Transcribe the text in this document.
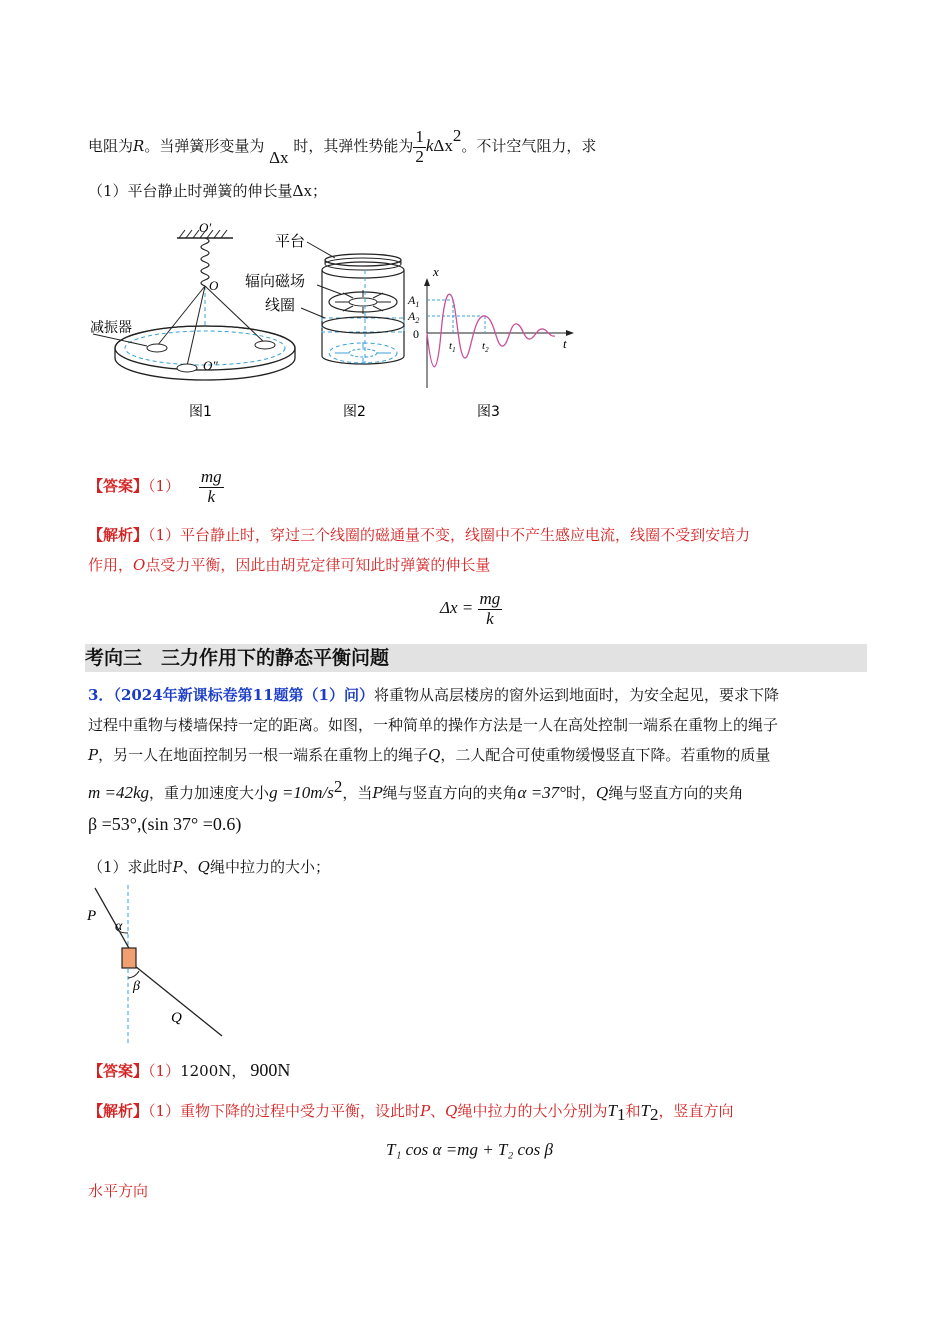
电阻为R。当弹簧形变量为 Δx 时，其弹性势能为 $\frac{1}{2} k\Delta x^2$。不计空气阻力，求
（1）平台静止时弹簧的伸长量Δx；
O′
O
O″
减振器
图1
平台
辐向磁场
线圈
图2
x
$A_1$
$A_2$
0
$t_1$ $t_2$	t
图3
【答案】$(1) \frac{mg}{k}$
【解析】（1）平台静止时，穿过三个线圈的磁通量不变，线圈中不产生感应电流，线圈不受到安培力
作用，O点受力平衡，因此由胡克定律可知此时弹簧的伸长量
$\Delta x = \frac{mg}{k}$
考向三　三力作用下的静态平衡问题
3．（2024年新课标卷第11题第（1）问）将重物从高层楼房的窗外运到地面时，为安全起见，要求下降
过程中重物与楼墙保持一定的距离。如图，一种简单的操作方法是一人在高处控制一端系在重物上的绳子
P，另一人在地面控制另一根一端系在重物上的绳子Q，二人配合可使重物缓慢竖直下降。若重物的质量
m =42kg，重力加速度大小$g =10m/s^2$，当P绳与竖直方向的夹角α =37°时，Q绳与竖直方向的夹角
β =53°,(sin 37° =0.6)
（1）求此时P、Q绳中拉力的大小；
P
α
β
Q
【答案】（1）1200N， 900N
【解析】（1）重物下降的过程中受力平衡，设此时P、Q绳中拉力的大小分别为$T_1$和$T_2$，竖直方向
T₁ cos α =mg + T₂ cos β
水平方向
